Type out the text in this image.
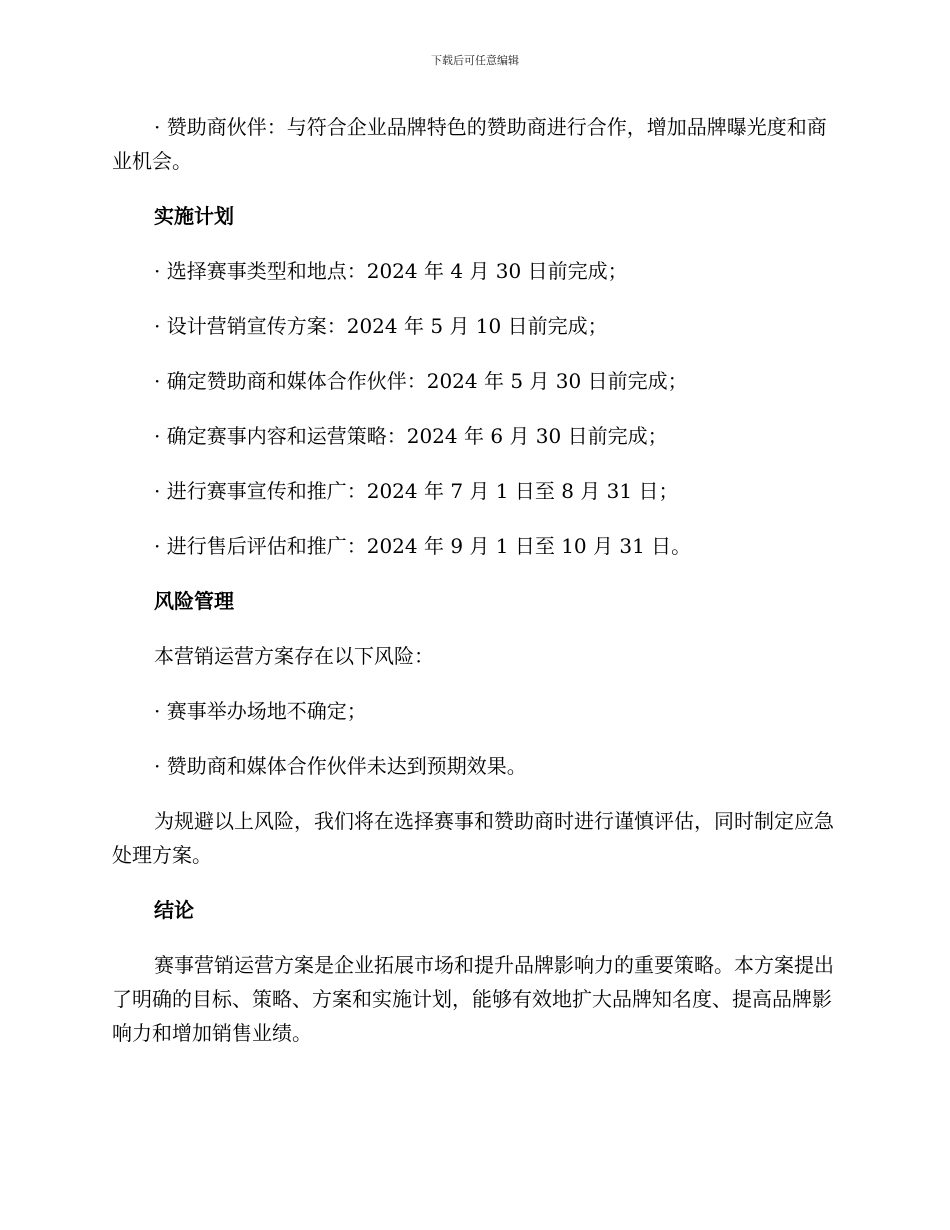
下载后可任意编辑

· 赞助商伙伴：与符合企业品牌特色的赞助商进行合作，增加品牌曝光度和商业机会。

实施计划

· 选择赛事类型和地点：2024 年 4 月 30 日前完成；

· 设计营销宣传方案：2024 年 5 月 10 日前完成；

· 确定赞助商和媒体合作伙伴：2024 年 5 月 30 日前完成；

· 确定赛事内容和运营策略：2024 年 6 月 30 日前完成；

· 进行赛事宣传和推广：2024 年 7 月 1 日至 8 月 31 日；

· 进行售后评估和推广：2024 年 9 月 1 日至 10 月 31 日。

风险管理

本营销运营方案存在以下风险：

· 赛事举办场地不确定；

· 赞助商和媒体合作伙伴未达到预期效果。

为规避以上风险，我们将在选择赛事和赞助商时进行谨慎评估，同时制定应急处理方案。

结论

赛事营销运营方案是企业拓展市场和提升品牌影响力的重要策略。本方案提出了明确的目标、策略、方案和实施计划，能够有效地扩大品牌知名度、提高品牌影响力和增加销售业绩。
